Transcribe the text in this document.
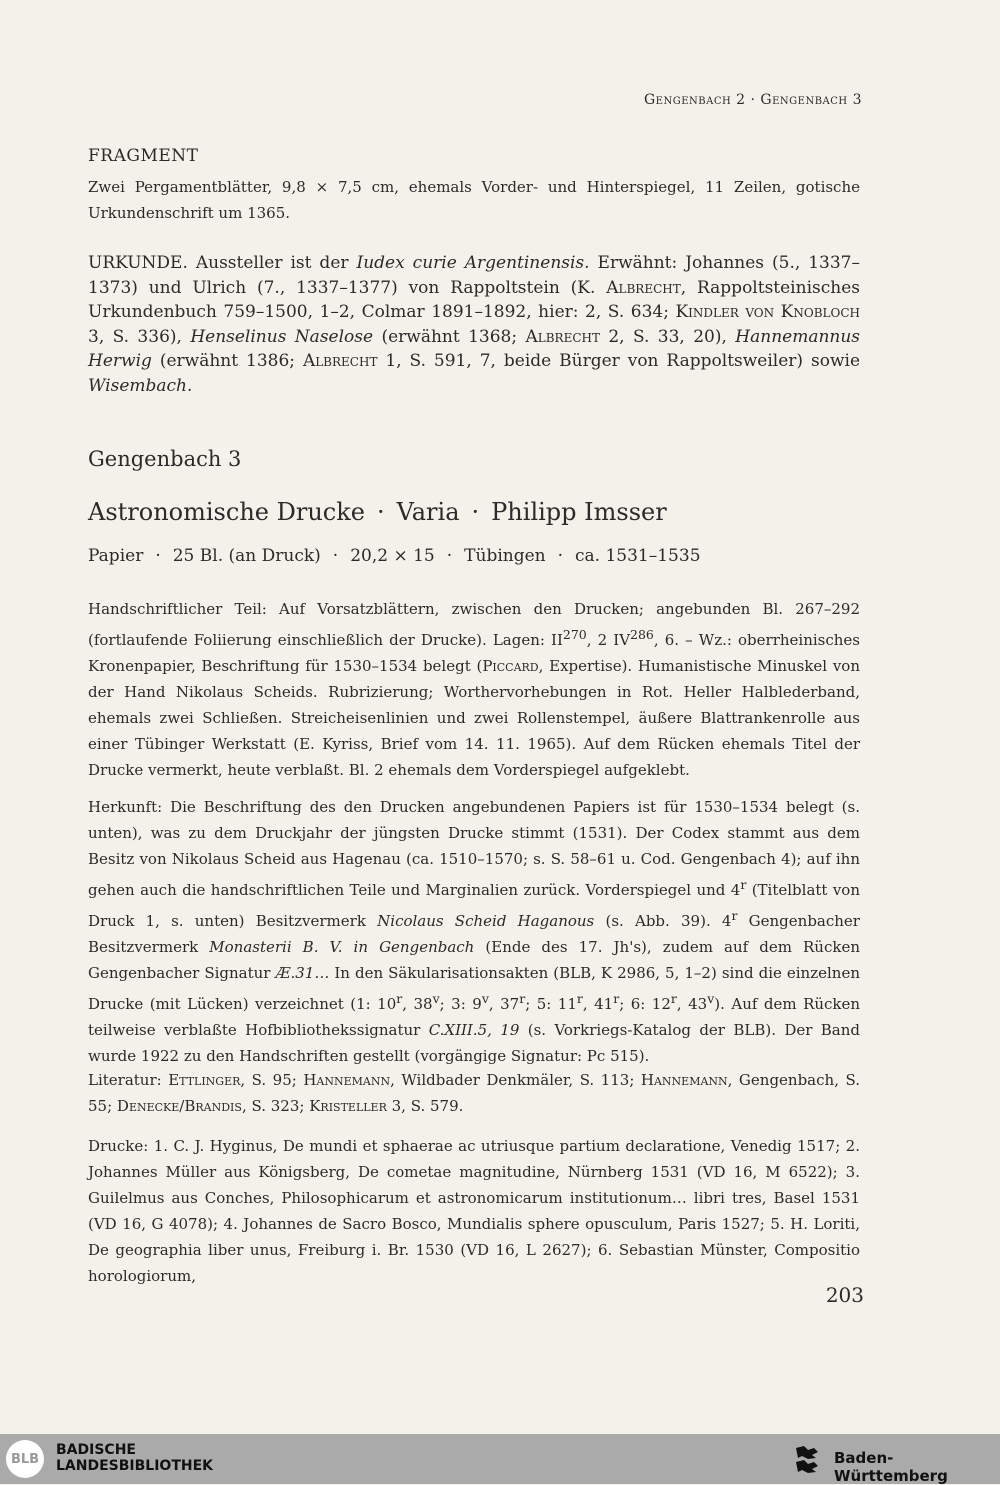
Gengenbach 2 · Gengenbach 3
FRAGMENT

Zwei Pergamentblätter, 9,8 × 7,5 cm, ehemals Vorder- und Hinterspiegel, 11 Zeilen, gotische Urkundenschrift um 1365.

URKUNDE. Aussteller ist der Iudex curie Argentinensis. Erwähnt: Johannes (5., 1337–1373) und Ulrich (7., 1337–1377) von Rappoltstein (K. Albrecht, Rappoltsteinisches Urkundenbuch 759–1500, 1–2, Colmar 1891–1892, hier: 2, S. 634; Kindler von Knobloch 3, S. 336), Henselinus Naselose (erwähnt 1368; Albrecht 2, S. 33, 20), Hannemannus Herwig (erwähnt 1386; Albrecht 1, S. 591, 7, beide Bürger von Rappoltsweiler) sowie Wisembach.

Gengenbach 3
Astronomische Drucke · Varia · Philipp Imsser
Papier · 25 Bl. (an Druck) · 20,2 × 15 · Tübingen · ca. 1531–1535

Handschriftlicher Teil: Auf Vorsatzblättern, zwischen den Drucken; angebunden Bl. 267–292 (fortlaufende Foliierung einschließlich der Drucke). Lagen: II$^{270}$, 2 IV$^{286}$, 6. – Wz.: oberrheinisches Kronenpapier, Beschriftung für 1530–1534 belegt (Piccard, Expertise). Humanistische Minuskel von der Hand Nikolaus Scheids. Rubrizierung; Worthervorhebungen in Rot. Heller Halblederband, ehemals zwei Schließen. Streicheisenlinien und zwei Rollenstempel, äußere Blattrankenrolle aus einer Tübinger Werkstatt (E. Kyriss, Brief vom 14. 11. 1965). Auf dem Rücken ehemals Titel der Drucke vermerkt, heute verblaßt. Bl. 2 ehemals dem Vorderspiegel aufgeklebt.

Herkunft: Die Beschriftung des den Drucken angebundenen Papiers ist für 1530–1534 belegt (s. unten), was zu dem Druckjahr der jüngsten Drucke stimmt (1531). Der Codex stammt aus dem Besitz von Nikolaus Scheid aus Hagenau (ca. 1510–1570; s. S. 58–61 u. Cod. Gengenbach 4); auf ihn gehen auch die handschriftlichen Teile und Marginalien zurück. Vorderspiegel und 4$^r$ (Titelblatt von Druck 1, s. unten) Besitzvermerk Nicolaus Scheid Haganous (s. Abb. 39). 4$^r$ Gengenbacher Besitzvermerk Monasterii B. V. in Gengenbach (Ende des 17. Jh's), zudem auf dem Rücken Gengenbacher Signatur Æ.31… In den Säkularisationsakten (BLB, K 2986, 5, 1–2) sind die einzelnen Drucke (mit Lücken) verzeichnet (1: 10$^r$, 38$^v$; 3: 9$^v$, 37$^r$; 5: 11$^r$, 41$^r$; 6: 12$^r$, 43$^v$). Auf dem Rücken teilweise verblaßte Hofbibliothekssignatur C.XIII.5, 19 (s. Vorkriegs-Katalog der BLB). Der Band wurde 1922 zu den Handschriften gestellt (vorgängige Signatur: Pc 515).

Literatur: Ettlinger, S. 95; Hannemann, Wildbader Denkmäler, S. 113; Hannemann, Gengenbach, S. 55; Denecke/Brandis, S. 323; Kristeller 3, S. 579.

Drucke: 1. C. J. Hyginus, De mundi et sphaerae ac utriusque partium declaratione, Venedig 1517; 2. Johannes Müller aus Königsberg, De cometae magnitudine, Nürnberg 1531 (VD 16, M 6522); 3. Guilelmus aus Conches, Philosophicarum et astronomicarum institutionum… libri tres, Basel 1531 (VD 16, G 4078); 4. Johannes de Sacro Bosco, Mundialis sphere opusculum, Paris 1527; 5. H. Loriti, De geographia liber unus, Freiburg i. Br. 1530 (VD 16, L 2627); 6. Sebastian Münster, Compositio horologiorum,

203
BLB
BADISCHE
LANDESBIBLIOTHEK	Baden-Württemberg
